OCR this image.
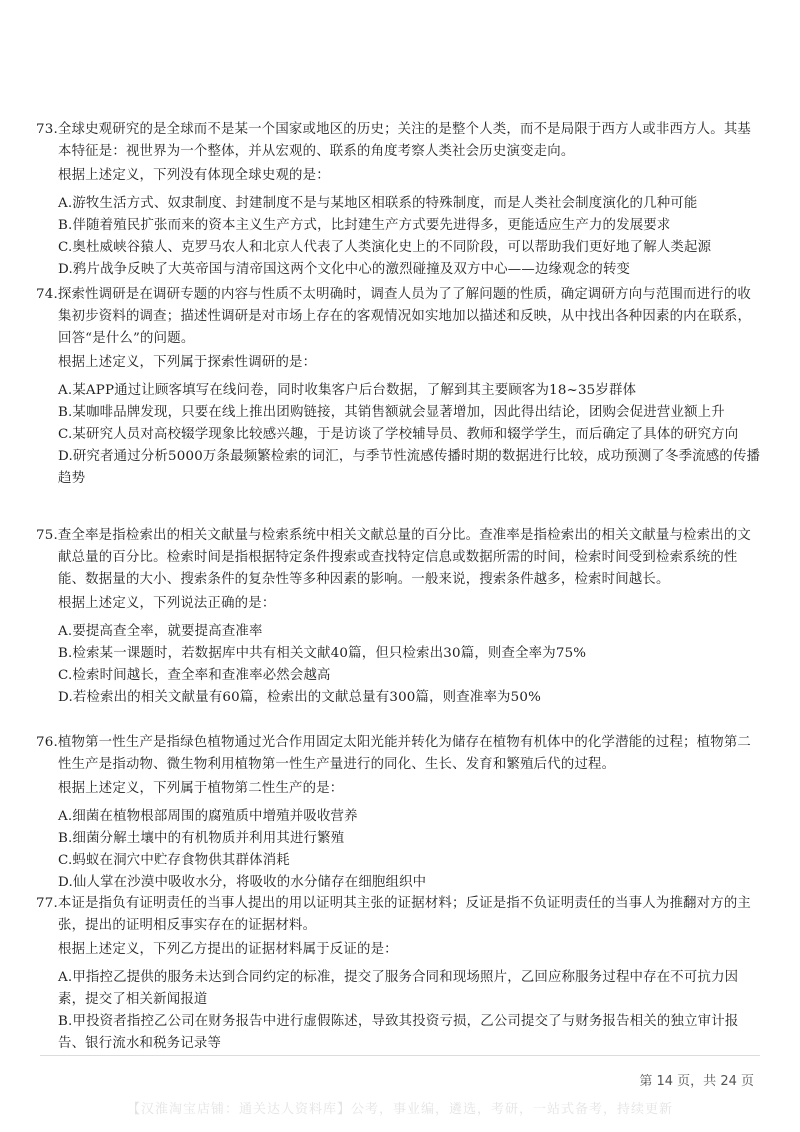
73.全球史观研究的是全球而不是某一个国家或地区的历史；关注的是整个人类，而不是局限于西方人或非西方人。其基本特征是：视世界为一个整体，并从宏观的、联系的角度考察人类社会历史演变走向。

根据上述定义，下列没有体现全球史观的是：

A.游牧生活方式、奴隶制度、封建制度不是与某地区相联系的特殊制度，而是人类社会制度演化的几种可能

B.伴随着殖民扩张而来的资本主义生产方式，比封建生产方式要先进得多，更能适应生产力的发展要求

C.奥杜威峡谷猿人、克罗马农人和北京人代表了人类演化史上的不同阶段，可以帮助我们更好地了解人类起源

D.鸦片战争反映了大英帝国与清帝国这两个文化中心的激烈碰撞及双方中心——边缘观念的转变

74.探索性调研是在调研专题的内容与性质不太明确时，调查人员为了了解问题的性质，确定调研方向与范围而进行的收集初步资料的调查；描述性调研是对市场上存在的客观情况如实地加以描述和反映，从中找出各种因素的内在联系，回答“是什么”的问题。

根据上述定义，下列属于探索性调研的是：

A.某APP通过让顾客填写在线问卷，同时收集客户后台数据，了解到其主要顾客为18~35岁群体

B.某咖啡品牌发现，只要在线上推出团购链接，其销售额就会显著增加，因此得出结论，团购会促进营业额上升

C.某研究人员对高校辍学现象比较感兴趣，于是访谈了学校辅导员、教师和辍学学生，而后确定了具体的研究方向

D.研究者通过分析5000万条最频繁检索的词汇，与季节性流感传播时期的数据进行比较，成功预测了冬季流感的传播趋势

75.查全率是指检索出的相关文献量与检索系统中相关文献总量的百分比。查准率是指检索出的相关文献量与检索出的文献总量的百分比。检索时间是指根据特定条件搜索或查找特定信息或数据所需的时间，检索时间受到检索系统的性能、数据量的大小、搜索条件的复杂性等多种因素的影响。一般来说，搜索条件越多，检索时间越长。

根据上述定义，下列说法正确的是：

A.要提高查全率，就要提高查准率

B.检索某一课题时，若数据库中共有相关文献40篇，但只检索出30篇，则查全率为75%

C.检索时间越长，查全率和查准率必然会越高

D.若检索出的相关文献量有60篇，检索出的文献总量有300篇，则查准率为50%

76.植物第一性生产是指绿色植物通过光合作用固定太阳光能并转化为储存在植物有机体中的化学潜能的过程；植物第二性生产是指动物、微生物利用植物第一性生产量进行的同化、生长、发育和繁殖后代的过程。

根据上述定义，下列属于植物第二性生产的是：

A.细菌在植物根部周围的腐殖质中增殖并吸收营养

B.细菌分解土壤中的有机物质并利用其进行繁殖

C.蚂蚁在洞穴中贮存食物供其群体消耗

D.仙人掌在沙漠中吸收水分，将吸收的水分储存在细胞组织中

77.本证是指负有证明责任的当事人提出的用以证明其主张的证据材料；反证是指不负证明责任的当事人为推翻对方的主张，提出的证明相反事实存在的证据材料。

根据上述定义，下列乙方提出的证据材料属于反证的是：

A.甲指控乙提供的服务未达到合同约定的标准，提交了服务合同和现场照片，乙回应称服务过程中存在不可抗力因素，提交了相关新闻报道

B.甲投资者指控乙公司在财务报告中进行虚假陈述，导致其投资亏损，乙公司提交了与财务报告相关的独立审计报告、银行流水和税务记录等

第 14 页，共 24 页
【汉淮淘宝店铺：通关达人资料库】公考，事业编，遴选，考研，一站式备考，持续更新
